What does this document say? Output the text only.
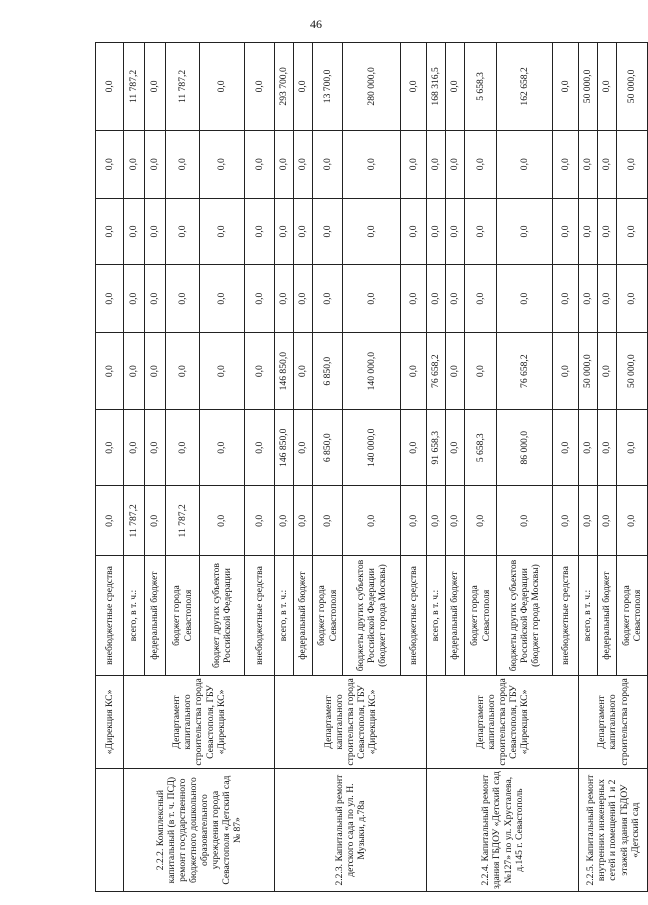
46
	«Дирекция КС»	внебюджетные средства	0,0	0,0	0,0	0,0	0,0	0,0	0,0
2.2.2. Комплексный капитальный (в т. ч. ПСД) ремонт государственного бюджетного дошкольного образовательного учреждения города Севастополя «Детский сад № 87»	Департамент капитального строительства города Севастополя, ГБУ «Дирекция КС»	всего, в т. ч.:	11 787,2	0,0	0,0	0,0	0,0	0,0	11 787,2
		федеральный бюджет	0,0	0,0	0,0	0,0	0,0	0,0	0,0
		бюджет города Севастополя	11 787,2	0,0	0,0	0,0	0,0	0,0	11 787,2
		бюджет других субъектов Российской Федерации	0,0	0,0	0,0	0,0	0,0	0,0	0,0
		внебюджетные средства	0,0	0,0	0,0	0,0	0,0	0,0	0,0
2.2.3. Капитальный ремонт детского сада по ул. Н. Музыки, д.78а	Департамент капитального строительства города Севастополя, ГБУ «Дирекция КС»	всего, в т. ч.:	0,0	146 850,0	146 850,0	0,0	0,0	0,0	293 700,0
		федеральный бюджет	0,0	0,0	0,0	0,0	0,0	0,0	0,0
		бюджет города Севастополя	0,0	6 850,0	6 850,0	0,0	0,0	0,0	13 700,0
		бюджеты других субъектов Российской Федерации (бюджет города Москвы)	0,0	140 000,0	140 000,0	0,0	0,0	0,0	280 000,0
		внебюджетные средства	0,0	0,0	0,0	0,0	0,0	0,0	0,0
2.2.4. Капитальный ремонт здания ГБДОУ «Детский сад №127» по ул. Хрусталева, д.145 г. Севастополь	Департамент капитального строительства города Севастополя, ГБУ «Дирекция КС»	всего, в т. ч.:	0,0	91 658,3	76 658,2	0,0	0,0	0,0	168 316,5
		федеральный бюджет	0,0	0,0	0,0	0,0	0,0	0,0	0,0
		бюджет города Севастополя	0,0	5 658,3	0,0	0,0	0,0	0,0	5 658,3
		бюджеты других субъектов Российской Федерации (бюджет города Москвы)	0,0	86 000,0	76 658,2	0,0	0,0	0,0	162 658,2
		внебюджетные средства	0,0	0,0	0,0	0,0	0,0	0,0	0,0
2.2.5. Капитальный ремонт внутренних инженерных сетей и помещений 1 и 2 этажей здания ГБДОУ «Детский сад	Департамент капитального строительства города	всего, в т. ч.:	0,0	0,0	50 000,0	0,0	0,0	0,0	50 000,0
		федеральный бюджет	0,0	0,0	0,0	0,0	0,0	0,0	0,0
		бюджет города Севастополя	0,0	0,0	50 000,0	0,0	0,0	0,0	50 000,0
